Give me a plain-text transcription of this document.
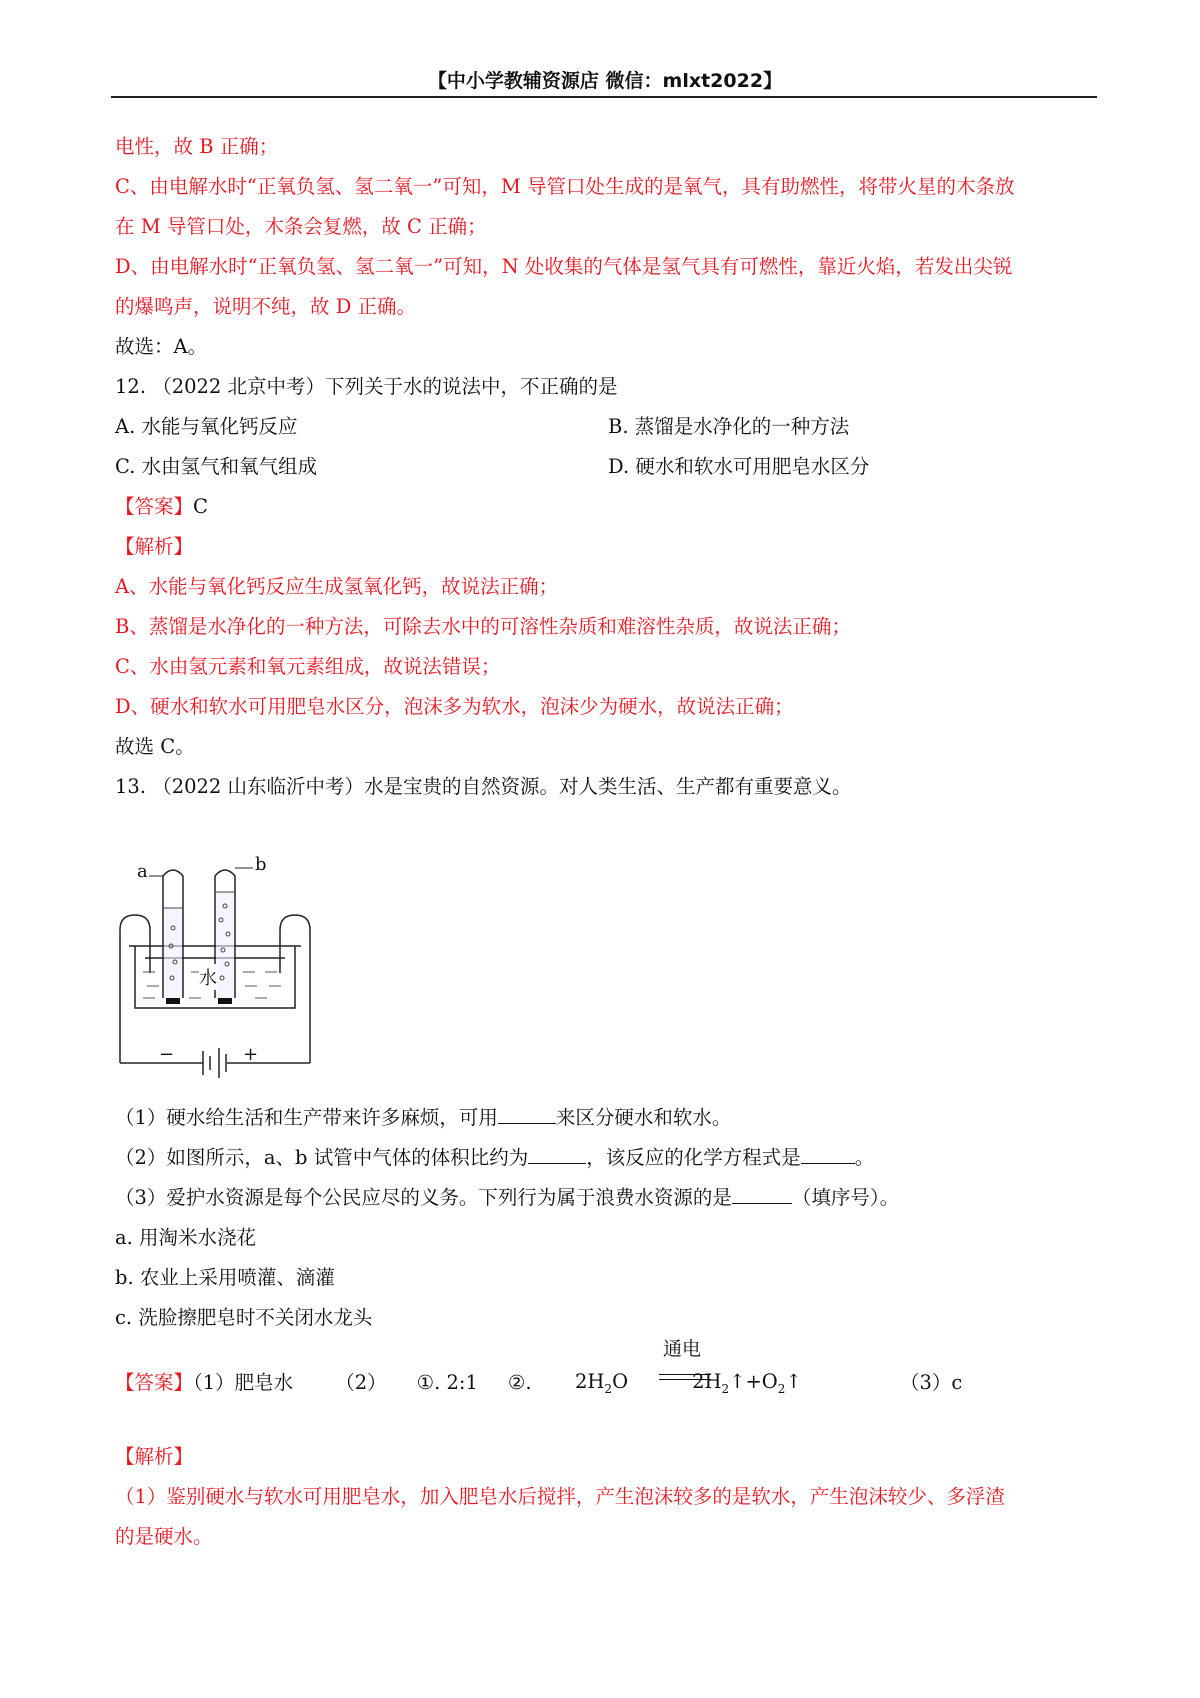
【中小学教辅资源店 微信：mlxt2022】
电性，故 B 正确；
C、由电解水时“正氧负氢、氢二氧一”可知，M 导管口处生成的是氧气，具有助燃性，将带火星的木条放
在 M 导管口处，木条会复燃，故 C 正确；
D、由电解水时“正氧负氢、氢二氧一”可知，N 处收集的气体是氢气具有可燃性，靠近火焰，若发出尖锐
的爆鸣声，说明不纯，故 D 正确。
故选：A。
12. （2022 北京中考）下列关于水的说法中，不正确的是
A. 水能与氧化钙反应	B. 蒸馏是水净化的一种方法
C. 水由氢气和氧气组成	D. 硬水和软水可用肥皂水区分
【答案】C
【解析】
A、水能与氧化钙反应生成氢氧化钙，故说法正确；
B、蒸馏是水净化的一种方法，可除去水中的可溶性杂质和难溶性杂质，故说法正确；
C、水由氢元素和氧元素组成，故说法错误；
D、硬水和软水可用肥皂水区分，泡沫多为软水，泡沫少为硬水，故说法正确；
故选 C。
13. （2022 山东临沂中考）水是宝贵的自然资源。对人类生活、生产都有重要意义。
a	b
水
−	+
（1）硬水给生活和生产带来许多麻烦，可用	来区分硬水和软水。
（2）如图所示，a、b 试管中气体的体积比约为	，该反应的化学方程式是	。
（3）爱护水资源是每个公民应尽的义务。下列行为属于浪费水资源的是	（填序号）。
a. 用淘米水浇花
b. 农业上采用喷灌、滴灌
c. 洗脸擦肥皂时不关闭水龙头
【答案】（1）肥皂水 （2） ①. 2:1 ②. $2H_2O$	$2H_2↑+O_2↑$
通电
（3）c
【解析】
（1）鉴别硬水与软水可用肥皂水，加入肥皂水后搅拌，产生泡沫较多的是软水，产生泡沫较少、多浮渣
的是硬水。
